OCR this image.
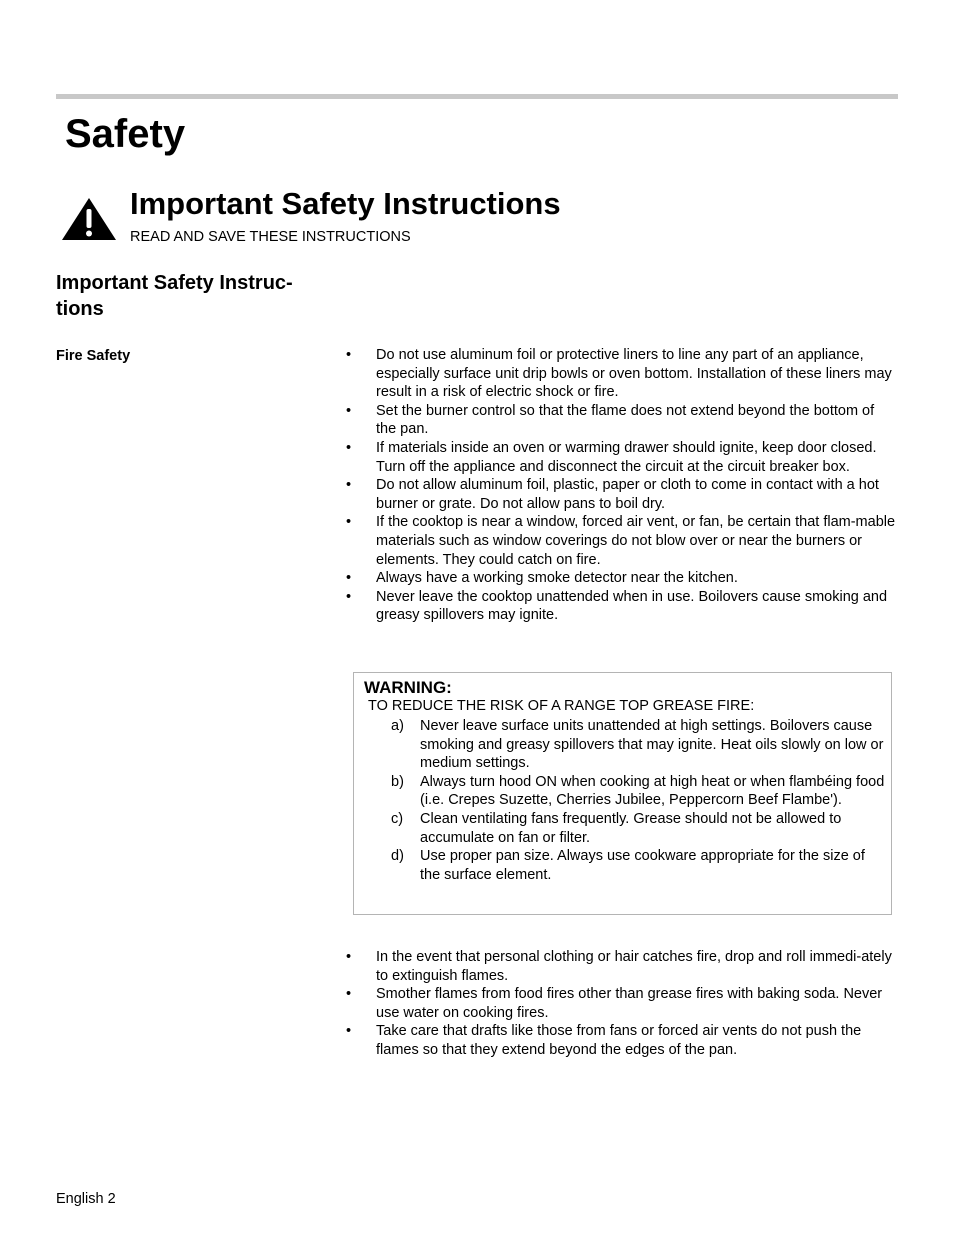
Safety
Important Safety Instructions
READ AND SAVE THESE INSTRUCTIONS
Important Safety Instruc-
tions
Fire Safety	• Do not use aluminum foil or protective liners to line any part of an appliance, especially surface unit drip bowls or oven bottom. Installation of these liners may result in a risk of electric shock or fire.
• Set the burner control so that the flame does not extend beyond the bottom of the pan.
• If materials inside an oven or warming drawer should ignite, keep door closed. Turn off the appliance and disconnect the circuit at the circuit breaker box.
• Do not allow aluminum foil, plastic, paper or cloth to come in contact with a hot burner or grate. Do not allow pans to boil dry.
• If the cooktop is near a window, forced air vent, or fan, be certain that flam-mable materials such as window coverings do not blow over or near the burners or elements. They could catch on fire.
• Always have a working smoke detector near the kitchen.
• Never leave the cooktop unattended when in use. Boilovers cause smoking and greasy spillovers may ignite.
WARNING:
TO REDUCE THE RISK OF A RANGE TOP GREASE FIRE:
a) Never leave surface units unattended at high settings. Boilovers cause smoking and greasy spillovers that may ignite. Heat oils slowly on low or medium settings.
b) Always turn hood ON when cooking at high heat or when flambéing food (i.e. Crepes Suzette, Cherries Jubilee, Peppercorn Beef Flambe').
c) Clean ventilating fans frequently. Grease should not be allowed to accumulate on fan or filter.
d) Use proper pan size. Always use cookware appropriate for the size of the surface element.
• In the event that personal clothing or hair catches fire, drop and roll immedi-ately to extinguish flames.
• Smother flames from food fires other than grease fires with baking soda. Never use water on cooking fires.
• Take care that drafts like those from fans or forced air vents do not push the flames so that they extend beyond the edges of the pan.
English 2
